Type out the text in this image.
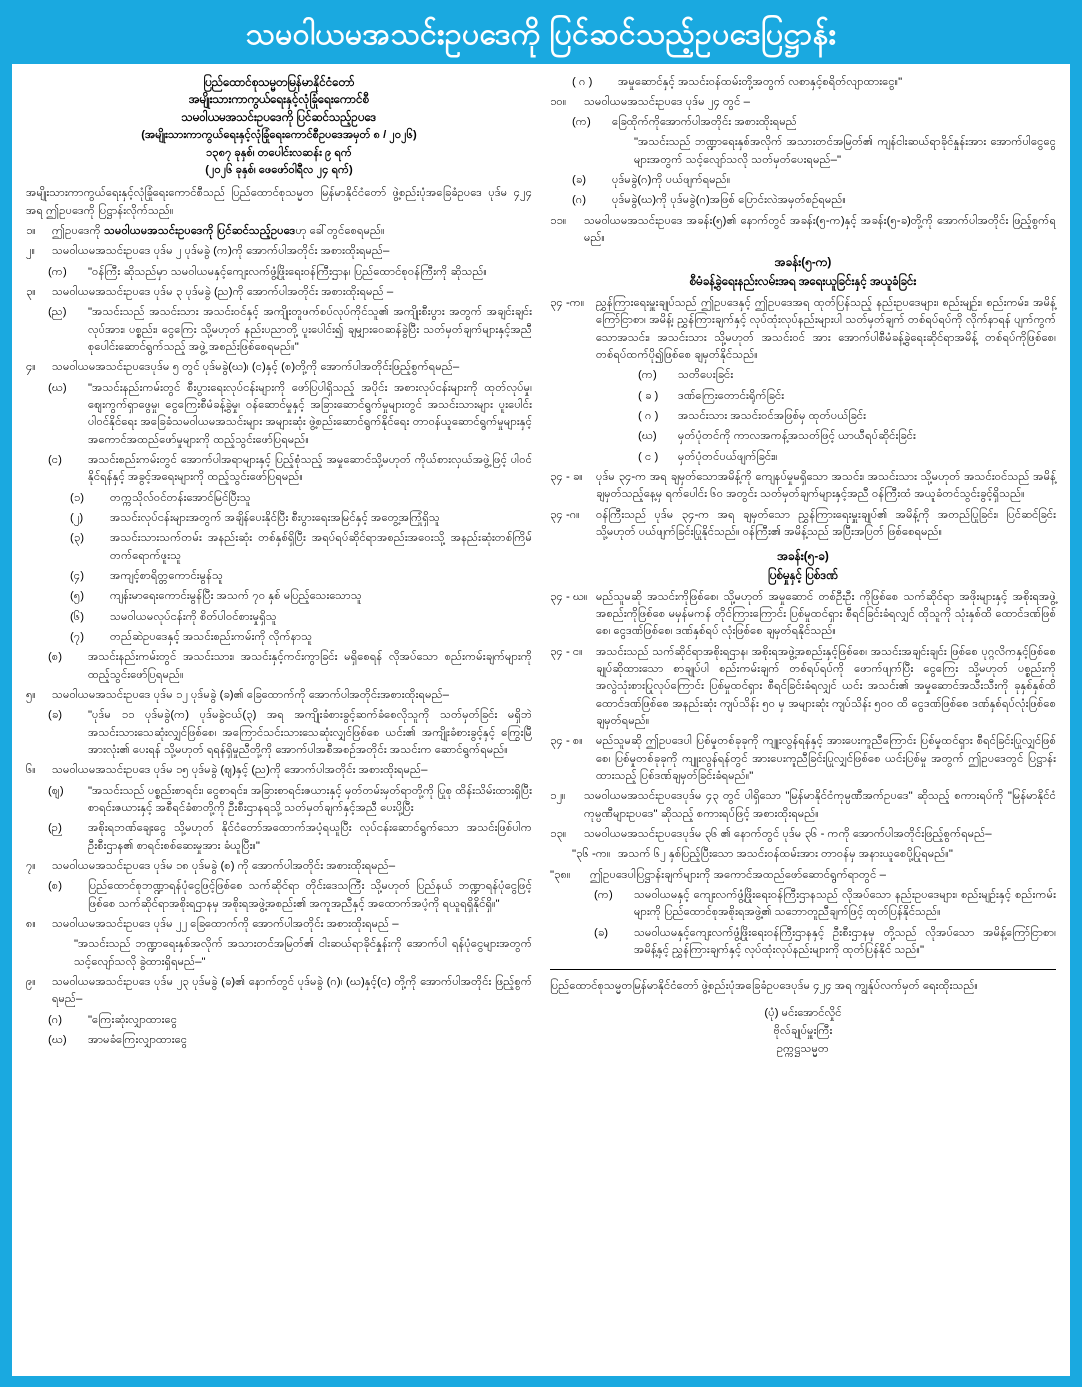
သမဝါယမအသင်းဥပဒေကို ပြင်ဆင်သည့်ဥပဒေပြဋ္ဌာန်း
ပြည်ထောင်စုသမ္မတမြန်မာနိုင်ငံတော်
အမျိုးသားကာကွယ်ရေးနှင့်လုံခြုံရေးကောင်စီ
သမဝါယမအသင်းဥပဒေကို ပြင်ဆင်သည့်ဥပဒေ
(အမျိုးသားကာကွယ်ရေးနှင့်လုံခြုံရေးကောင်စီဥပဒေအမှတ် ၈ / ၂၀၂၆)
၁၃၈၇ ခုနှစ်၊ တပေါင်းလဆန်း ၉ ရက်
(၂၀၂၆ ခုနှစ်၊ ဖေဖော်ဝါရီလ ၂၄ ရက်)

အမျိုးသားကာကွယ်ရေးနှင့်လုံခြုံရေးကောင်စီသည် ပြည်ထောင်စုသမ္မတ မြန်မာနိုင်ငံတော် ဖွဲ့စည်းပုံအခြေခံဥပဒေ ပုဒ်မ ၄၂၄ အရ ဤဥပဒေကို ပြဋ္ဌာန်းလိုက်သည်။

၁။	ဤဥပဒေကို သမဝါယမအသင်းဥပဒေကို ပြင်ဆင်သည့်ဥပဒေဟု ခေါ်တွင်စေရမည်။
၂။	သမဝါယမအသင်းဥပဒေ ပုဒ်မ ၂ ပုဒ်မခွဲ (က)ကို အောက်ပါအတိုင်း အစားထိုးရမည်–
(က)	"ဝန်ကြီး ဆိုသည်မှာ သမဝါယမနှင့်ကျေးလက်ဖွံ့ဖြိုးရေးဝန်ကြီးဌာန၊ ပြည်ထောင်စုဝန်ကြီးကို ဆိုသည်။
၃။	သမဝါယမအသင်းဥပဒေ ပုဒ်မ ၃ ပုဒ်မခွဲ (ည)ကို အောက်ပါအတိုင်း အစားထိုးရမည် –
(ည)	"အသင်းသည် အသင်းသား အသင်းဝင်နှင့် အကျိုးတူဖက်စပ်လုပ်ကိုင်သူ၏ အကျိုးစီးပွား အတွက် အချင်းချင်း လုပ်အား၊ ပစ္စည်း၊ ငွေကြေး သို့မဟုတ် နည်းပညာတို့ ပူးပေါင်း၍ ချမျှားဝေဆန်ခွဲပြီး သတ်မှတ်ချက်များနှင့်အညီ စုပေါင်းဆောင်ရွက်သည့် အဖွဲ့ အစည်းဖြစ်စေရမည်။"
၄။	သမဝါယမအသင်းဥပဒေပုဒ်မ ၅ တွင် ပုဒ်မခွဲ(ဃ)၊ (င)နှင့် (စ)တို့ကို အောက်ပါအတိုင်းဖြည့်စွက်ရမည်–
(ဃ)	"အသင်းနည်းကမ်းတွင် စီးပွားရေးလုပ်ငန်းများကို ဖော်ပြပါရှိသည့် အပိုင်း အစားလုပ်ငန်းများကို ထုတ်လုပ်မှု၊ ဈေးကွက်ရှာဖွေမှု၊ ငွေကြေးစီမံခန့်ခွဲမှု၊ ဝန်ဆောင်မှုနှင့် အခြားဆောင်ရွက်မှုများတွင် အသင်းသားများ ပူးပေါင်းပါဝင်နိုင်ရေး အခြေခံသမဝါယမအသင်းများ အများဆုံး ဖွဲ့စည်းဆောင်ရွက်နိုင်ရေး တာဝန်ယူဆောင်ရွက်မှုများနှင့် အကောင်အထည်ဖော်မှုများကို ထည့်သွင်းဖော်ပြရမည်။
(င)	အသင်းစည်းကမ်းတွင် အောက်ပါအရာများနှင့် ပြည့်စုံသည့် အမှုဆောင်သို့မဟုတ် ကိုယ်စားလှယ်အဖွဲ့ဖြင့် ပါဝင်နိုင်ရန်နှင့် အခွင့်အရေးများကို ထည့်သွင်းဖော်ပြရမည်။
(၁)	တက္ကသိုလ်ဝင်တန်းအောင်မြင်ပြီးသူ
(၂)	အသင်းလုပ်ငန်းများအတွက် အချိန်ပေးနိုင်ပြီး စီးပွားရေးအမြင်နှင့် အတွေ့အကြုံရှိသူ
(၃)	အသင်းသားသက်တမ်း အနည်းဆုံး တစ်နှစ်ရှိပြီး အရပ်ရပ်ဆိုင်ရာအစည်းအဝေးသို့ အနည်းဆုံးတစ်ကြိမ် တက်ရောက်ဖူးသူ
(၄)	အကျင့်စာရိတ္တကောင်းမွန်သူ
(၅)	ကျန်းမာရေးကောင်းမွန်ပြီး အသက် ၇၀ နှစ် မပြည့်သေးသောသူ
(၆)	သမဝါယမလုပ်ငန်းကို စိတ်ပါဝင်စားမှုရှိသူ
(၇)	တည်ဆဲဥပဒေနှင့် အသင်းစည်းကမ်းကို လိုက်နာသူ
(စ)	အသင်းနည်းကမ်းတွင် အသင်းသား၊ အသင်းနှင့်ကင်းကွာခြင်း မရှိစေရန် လိုအပ်သော စည်းကမ်းချက်များကို ထည့်သွင်းဖော်ပြရမည်။
၅။	သမဝါယမအသင်းဥပဒေ ပုဒ်မ ၁၂ ပုဒ်မခွဲ (ခ)၏ ခြေထောက်ကို အောက်ပါအတိုင်းအစားထိုးရမည်–
(ခ)	"ပုဒ်မ ၁၁ ပုဒ်မခွဲ(က) ပုဒ်မခွဲငယ်(၃) အရ အကျိုးခံစားခွင့်ဆက်ခံစေလိုသူကို သတ်မှတ်ခြင်း မရှိဘဲ အသင်းသားသေဆုံးလျှင်ဖြစ်စေ၊ အကြောင်သင်းသားသေဆုံးလျှင်ဖြစ်စေ ယင်း၏ အကျိုးခံစားခွင့်နှင့် ကြွေးမြီအားလုံး၏ ပေးရန် သို့မဟုတ် ရရန်ရှိမှုညီတို့ကို အောက်ပါအစီအစဉ်အတိုင်း အသင်းက ဆောင်ရွက်ရမည်။
၆။	သမဝါယမအသင်းဥပဒေ ပုဒ်မ ၁၅ ပုဒ်မခွဲ (ဈ)နှင့် (ည)ကို အောက်ပါအတိုင်း အစားထိုးရမည်–
(ဈ)	"အသင်းသည် ပစ္စည်းစာရင်း၊ ငွေစာရင်း၊ အခြားစာရင်းဇယားနှင့် မှတ်တမ်းမှတ်ရာတို့ကို ပြုစု ထိန်းသိမ်းထားရှိပြီး စာရင်းဇယားနှင့် အစီရင်ခံစာတို့ကို ဦးစီးဌာနရသို့ သတ်မှတ်ချက်နှင့်အညီ ပေးပို့ပြီး
(ဉ)	အစိုးရဘဏ်ချေးငွေ သို့မဟုတ် နိုင်ငံတော်အထောက်အပံ့ရယူပြီး လုပ်ငန်းဆောင်ရွက်သော အသင်းဖြစ်ပါက ဦးစီးဌာန၏ စာရင်းစစ်ဆေးမှုအား ခံယူပြီး။"
၇။	သမဝါယမအသင်းဥပဒေ ပုဒ်မ ၁၈ ပုဒ်မခွဲ (စ) ကို အောက်ပါအတိုင်း အစားထိုးရမည်–
(စ)	ပြည်ထောင်စုဘဏ္ဍာရန်ပုံငွေဖြင့်ဖြစ်စေ သက်ဆိုင်ရာ တိုင်းဒေသကြီး သို့မဟုတ် ပြည်နယ် ဘဏ္ဍာရန်ပုံငွေဖြင့်ဖြစ်စေ သက်ဆိုင်ရာအစိုးရဌာနမှ အစိုးရအဖွဲ့အစည်း၏ အကူအညီနှင့် အထောက်အပံ့ကို ရယူရရှိနိုင်ရှိ။"
၈။	သမဝါယမအသင်းဥပဒေ ပုဒ်မ ၂၂ ခြေထောက်ကို အောက်ပါအတိုင်း အစားထိုးရမည် –
"အသင်းသည် ဘဏ္ဍာရေးနှစ်အလိုက် အသားတင်အမြတ်၏ ငါးဆယ်ရာခိုင်နှုန်းကို အောက်ပါ ရန်ပုံငွေများအတွက် သင့်လျော်သလို ခွဲထားရှိရမည်–"
၉။	သမဝါယမအသင်းဥပဒေ ပုဒ်မ ၂၃ ပုဒ်မခွဲ (ခ)၏ နောက်တွင် ပုဒ်မခွဲ (ဂ)၊ (ဃ)နှင့်(င) တို့ကို အောက်ပါအတိုင်း ဖြည့်စွက်ရမည်–
(ဂ)	"ကြေးဆုံးလျှာထားငွေ
(ဃ)	အာမခံကြေးလျှာထားငွေ
( ဂ )	အမှုဆောင်နှင့် အသင်းဝန်ထမ်းတို့အတွက် လစာနှင့်စရိတ်လျာထားငွေ။"
၁၀။	သမဝါယမအသင်းဥပဒေ ပုဒ်မ ၂၄ တွင် –
(က)	ခြေထိုက်ကိုအောက်ပါအတိုင်း အစားထိုးရမည်
"အသင်းသည် ဘဏ္ဍာရေးနှစ်အလိုက် အသားတင်အမြတ်၏ ကျန်ငါးဆယ်ရာခိုင်နှုန်းအား အောက်ပါငွေငွေများအတွက် သင့်လျော်သလို သတ်မှတ်ပေးရမည်–"
(ခ)	ပုဒ်မခွဲ(ဂ)ကို ပယ်ဖျက်ရမည်။
(ဂ)	ပုဒ်မခွဲ(ဃ)ကို ပုဒ်မခွဲ(ဂ)အဖြစ် ပြောင်းလဲအမှတ်စဉ်ရမည်။
၁၁။	သမဝါယမအသင်းဥပဒေ အခန်း(၅)၏ နောက်တွင် အခန်း(၅-က)နှင့် အခန်း(၅-ခ)တို့ကို အောက်ပါအတိုင်း ဖြည့်စွက်ရမည်။
အခန်း(၅-က)
စီမံခန့်ခွဲရေးနည်းလမ်းအရ အရေးယူခြင်းနှင့် အယူခံခြင်း
၃၄ -က။	ညွှန်ကြားရေးမှူးချုပ်သည် ဤဥပဒေနှင့် ဤဥပဒေအရ ထုတ်ပြန်သည့် နည်းဥပဒေများ၊ စည်းမျဉ်း၊ စည်းကမ်း၊ အမိန့်ကြော်ငြာစာ၊ အမိန့်၊ ညွှန်ကြားချက်နှင့် လုပ်ထုံးလုပ်နည်းများပါ သတ်မှတ်ချက် တစ်ရပ်ရပ်ကို လိုက်နာရန် ပျက်ကွက်သောအသင်း၊ အသင်းသား သို့မဟုတ် အသင်းဝင် အား အောက်ပါစီမံခန့်ခွဲရေးဆိုင်ရာအမိန့် တစ်ရပ်ကိုဖြစ်စေ၊ တစ်ရပ်ထက်ပို၍ဖြစ်စေ ချမှတ်နိုင်သည်။
(က)	သတိပေးခြင်း
( ခ )	ဒဏ်ကြေးတောင်းရိုက်ခြင်း
( ဂ )	အသင်းသား အသင်းဝင်အဖြစ်မှ ထုတ်ပယ်ခြင်း
(ဃ)	မှတ်ပုံတင်ကို ကာလအကန့်အသတ်ဖြင့် ယာယီရပ်ဆိုင်းခြင်း
( င )	မှတ်ပုံတင်ပယ်ဖျက်ခြင်း။
၃၄ - ခ။	ပုဒ်မ ၃၄-က အရ ချမှတ်သောအမိန့်ကို ကျေနပ်မှုမရှိသော အသင်း၊ အသင်းသား သို့မဟုတ် အသင်းဝင်သည် အမိန့်ချမှတ်သည့်နေ့မှ ရက်ပေါင်း ၆၀ အတွင်း သတ်မှတ်ချက်များနှင့်အညီ ဝန်ကြီးထံ အယူခံတင်သွင်းခွင့်ရှိသည်။
၃၄ -ဂ။	ဝန်ကြီးသည် ပုဒ်မ ၃၄-က အရ ချမှတ်သော ညွှန်ကြားရေးမှူးချုပ်၏ အမိန့်ကို အတည်ပြုခြင်း၊ ပြင်ဆင်ခြင်း သို့မဟုတ် ပယ်ဖျက်ခြင်းပြုနိုင်သည်။ ဝန်ကြီး၏ အမိန့်သည် အပြီးအပြတ် ဖြစ်စေရမည်။
အခန်း(၅-ခ)
ပြစ်မှုနှင့် ပြစ်ဒဏ်
၃၄ - ဃ။ မည်သူမဆို အသင်းကိုဖြစ်စေ၊ သို့မဟုတ် အမှုဆောင် တစ်ဦးဦး ကိုဖြစ်စေ သက်ဆိုင်ရာ အဖိုးများနှင့် အစိုးရအဖွဲ့အစည်းကိုဖြစ်စေ မမှန်မကန် တိုင်ကြားကြောင်း ပြစ်မှုထင်ရှား စီရင်ခြင်းခံရလျှင် ထိုသူကို သုံးနှစ်ထိ ထောင်ဒဏ်ဖြစ်စေ၊ ငွေဒဏ်ဖြစ်စေ၊ ဒဏ်နှစ်ရပ် လုံးဖြစ်စေ ချမှတ်ရနိုင်သည်။
၃၄ - င။	အသင်းသည် သက်ဆိုင်ရာအစိုးရဌာန၊ အစိုးရအဖွဲ့အစည်းနှင့်ဖြစ်စေ၊ အသင်းအချင်းချင်း ဖြစ်စေ ပုဂ္ဂလိကနှင့်ဖြစ်စေ ချုပ်ဆိုထားသော စာချုပ်ပါ စည်းကမ်းချက် တစ်ရပ်ရပ်ကို ဖောက်ဖျက်ပြီး ငွေကြေး သို့မဟုတ် ပစ္စည်းကို အလွဲသုံးစားပြုလုပ်ကြောင်း ပြစ်မှုထင်ရှား စီရင်ခြင်းခံရလျှင် ယင်း အသင်း၏ အမှုဆောင်အသီးသီးကို ခုနှစ်နှစ်ထိ ထောင်ဒဏ်ဖြစ်စေ အနည်းဆုံး ကျပ်သိန်း ၅၀ မှ အများဆုံး ကျပ်သိန်း ၅၀၀ ထိ ငွေဒဏ်ဖြစ်စေ ဒဏ်နှစ်ရပ်လုံးဖြစ်စေ ချမှတ်ရမည်။
၃၄ - စ။	မည်သူမဆို ဤဥပဒေပါ ပြစ်မှုတစ်ခုခုကို ကျူးလွန်ရန်နှင့် အားပေးကူညီကြောင်း ပြစ်မှုထင်ရှား စီရင်ခြင်းပြုလျှင်ဖြစ်စေ၊ ပြစ်မှုတစ်ခုခုကို ကျူးလွန်ရန်တွင် အားပေးကူညီခြင်းပြုလျှင်ဖြစ်စေ ယင်းပြစ်မှု အတွက် ဤဥပဒေတွင် ပြဋ္ဌာန်းထားသည့် ပြစ်ဒဏ်ချမှတ်ခြင်းခံရမည်။"
၁၂။	သမဝါယမအသင်းဥပဒေပုဒ်မ ၄၃ တွင် ပါရှိသော "မြန်မာနိုင်ငံကုမ္ပဏီအက်ဥပဒေ" ဆိုသည့် စကားရပ်ကို "မြန်မာနိုင်ငံကုမ္ပဏီများဥပဒေ" ဆိုသည့် စကားရပ်ဖြင့် အစားထိုးရမည်။
၁၃။	သမဝါယမအသင်းဥပဒေပုဒ်မ ၃၆ ၏ နောက်တွင် ပုဒ်မ ၃၆ - ကကို အောက်ပါအတိုင်းဖြည့်စွက်ရမည်–
"၃၆ -က။ အသက် ၆၂ နှစ်ပြည့်ပြီးသော အသင်းဝန်ထမ်းအား တာဝန်မှ အနားယူစေပို့ပြုရမည်။"
"၃၈။	ဤဥပဒေပါပြဋ္ဌာန်းချက်များကို အကောင်အထည်ဖော်ဆောင်ရွက်ရာတွင် –
(က)	သမဝါယမနှင့် ကျေးလက်ဖွံ့ဖြိုးရေးဝန်ကြီးဌာနသည် လိုအပ်သော နည်းဥပဒေများ၊ စည်းမျဉ်းနှင့် စည်းကမ်းများကို ပြည်ထောင်စုအစိုးရအဖွဲ့၏ သဘောတူညီချက်ဖြင့် ထုတ်ပြန်နိုင်သည်။
(ခ)	သမဝါယမနှင့်ကျေးလက်ဖွံ့ဖြိုးရေးဝန်ကြီးဌာနနှင့် ဦးစီးဌာနမှ တို့သည် လိုအပ်သော အမိန့်ကြော်ငြာစာ၊ အမိန့်နှင့် ညွှန်ကြားချက်နှင့် လုပ်ထုံးလုပ်နည်းများကို ထုတ်ပြန်နိုင် သည်။"
ပြည်ထောင်စုသမ္မတမြန်မာနိုင်ငံတော် ဖွဲ့စည်းပုံအခြေခံဥပဒေပုဒ်မ ၄၂၄ အရ ကျွန်ုပ်လက်မှတ် ရေးထိုးသည်။
(ပုံ) မင်းအောင်လှိုင်
ဗိုလ်ချုပ်မှူးကြီး
ဥက္ကဋ္ဌသမ္မတ
